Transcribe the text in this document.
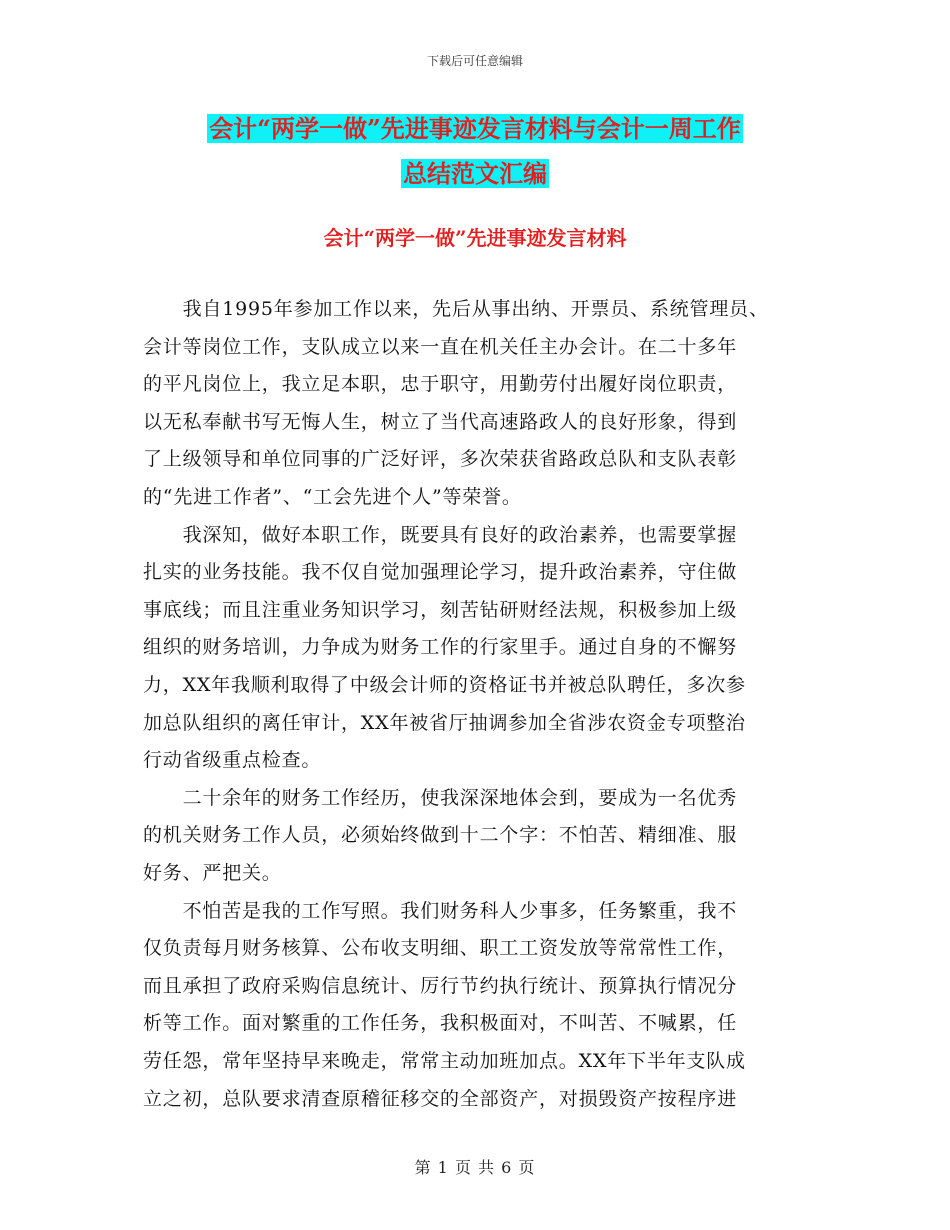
下载后可任意编辑
会计“两学一做”先进事迹发言材料与会计一周工作
总结范文汇编
会计“两学一做”先进事迹发言材料
　　我自1995年参加工作以来，先后从事出纳、开票员、系统管理员、
会计等岗位工作，支队成立以来一直在机关任主办会计。在二十多年
的平凡岗位上，我立足本职，忠于职守，用勤劳付出履好岗位职责，
以无私奉献书写无悔人生，树立了当代高速路政人的良好形象，得到
了上级领导和单位同事的广泛好评，多次荣获省路政总队和支队表彰
的“先进工作者”、“工会先进个人”等荣誉。
　　我深知，做好本职工作，既要具有良好的政治素养，也需要掌握
扎实的业务技能。我不仅自觉加强理论学习，提升政治素养，守住做
事底线；而且注重业务知识学习，刻苦钻研财经法规，积极参加上级
组织的财务培训，力争成为财务工作的行家里手。通过自身的不懈努
力，XX年我顺利取得了中级会计师的资格证书并被总队聘任，多次参
加总队组织的离任审计，XX年被省厅抽调参加全省涉农资金专项整治
行动省级重点检查。
　　二十余年的财务工作经历，使我深深地体会到，要成为一名优秀
的机关财务工作人员，必须始终做到十二个字：不怕苦、精细准、服
好务、严把关。
　　不怕苦是我的工作写照。我们财务科人少事多，任务繁重，我不
仅负责每月财务核算、公布收支明细、职工工资发放等常常性工作，
而且承担了政府采购信息统计、厉行节约执行统计、预算执行情况分
析等工作。面对繁重的工作任务，我积极面对，不叫苦、不喊累，任
劳任怨，常年坚持早来晚走，常常主动加班加点。XX年下半年支队成
立之初，总队要求清查原稽征移交的全部资产，对损毁资产按程序进
第 1 页 共 6 页
